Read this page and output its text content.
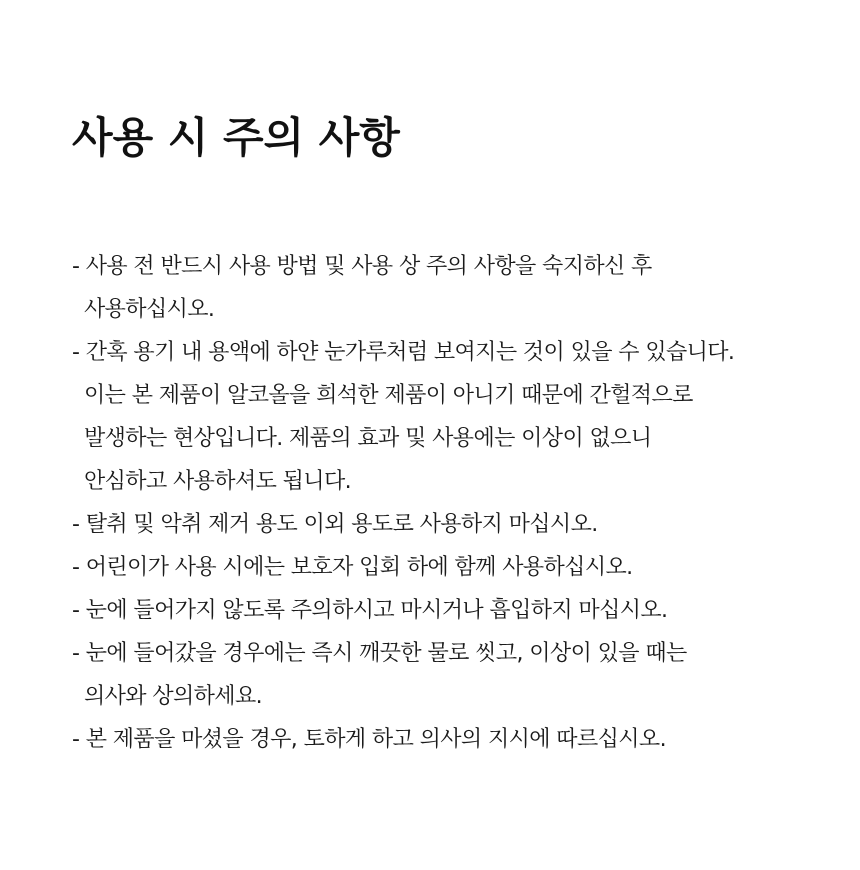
사용 시 주의 사항
- 사용 전 반드시 사용 방법 및 사용 상 주의 사항을 숙지하신 후
사용하십시오.
- 간혹 용기 내 용액에 하얀 눈가루처럼 보여지는 것이 있을 수 있습니다.
이는 본 제품이 알코올을 희석한 제품이 아니기 때문에 간헐적으로
발생하는 현상입니다. 제품의 효과 및 사용에는 이상이 없으니
안심하고 사용하셔도 됩니다.
- 탈취 및 악취 제거 용도 이외 용도로 사용하지 마십시오.
- 어린이가 사용 시에는 보호자 입회 하에 함께 사용하십시오.
- 눈에 들어가지 않도록 주의하시고 마시거나 흡입하지 마십시오.
- 눈에 들어갔을 경우에는 즉시 깨끗한 물로 씻고, 이상이 있을 때는
의사와 상의하세요.
- 본 제품을 마셨을 경우, 토하게 하고 의사의 지시에 따르십시오.
